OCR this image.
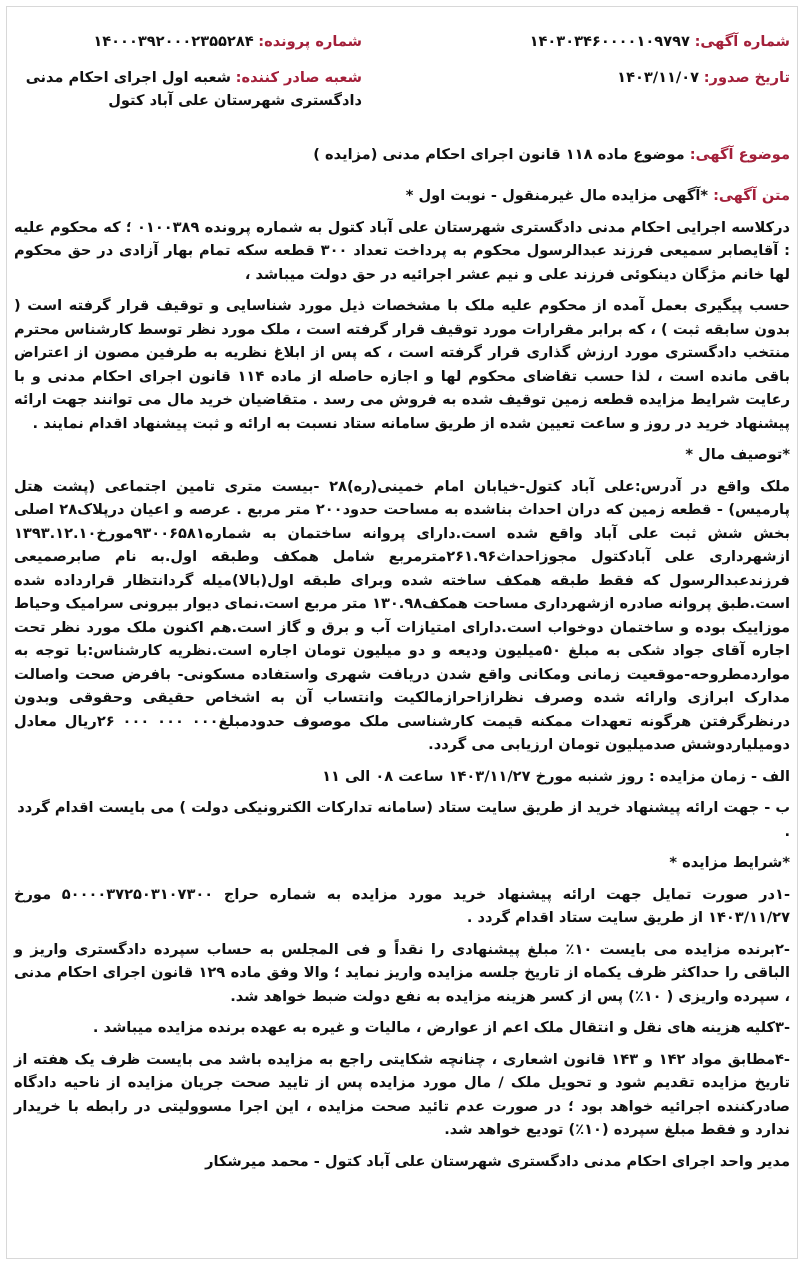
شماره آگهی: ۱۴۰۳۰۳۴۶۰۰۰۰۱۰۹۷۹۷
شماره پرونده: ۱۴۰۰۰۳۹۲۰۰۰۲۳۵۵۲۸۴
تاریخ صدور: ۱۴۰۳/۱۱/۰۷
شعبه صادر کننده: شعبه اول اجرای احکام مدنی دادگستری شهرستان علی آباد کتول
موضوع آگهی: موضوع ماده ۱۱۸ قانون اجرای احکام مدنی (مزایده )
متن آگهی: *آگهی مزایده مال غیرمنقول - نوبت اول *

درکلاسه اجرایی احکام مدنی دادگستری شهرستان علی آباد کتول به شماره پرونده ۰۱۰۰۳۸۹ ؛ که محکوم علیه : آقایصابر سمیعی فرزند عبدالرسول محکوم به پرداخت تعداد ۳۰۰ قطعه سکه تمام بهار آزادی در حق محکوم لها خانم مژگان دینکوئی فرزند علی و نیم عشر اجرائیه در حق دولت میباشد ،

حسب پیگیری بعمل آمده از محکوم علیه ملک با مشخصات ذیل مورد شناسایی و توقیف قرار گرفته است ( بدون سابقه ثبت ) ، که برابر مقرارات مورد توقیف قرار گرفته است ، ملک مورد نظر توسط کارشناس محترم منتخب دادگستری مورد ارزش گذاری قرار گرفته است ، که پس از ابلاغ نظریه به طرفین مصون از اعتراض باقی مانده است ، لذا حسب تقاضای محکوم لها و اجازه حاصله از ماده ۱۱۴ قانون اجرای احکام مدنی و با رعایت شرایط مزایده قطعه زمین توقیف شده به فروش می رسد . متقاضیان خرید مال می توانند جهت ارائه پیشنهاد خرید در روز و ساعت تعیین شده از طریق سامانه ستاد نسبت به ارائه و ثبت پیشنهاد اقدام نمایند .

*توصیف مال *

ملک واقع در آدرس:علی آباد کتول-خیابان امام خمینی(ره)۲۸ -بیست متری تامین اجتماعی (پشت هتل پارمیس) - قطعه زمین که دران احداث بناشده به مساحت حدود۲۰۰ متر مربع . عرصه و اعیان درپلاک۲۸ اصلی بخش شش ثبت علی آباد واقع شده است.دارای پروانه ساختمان به شماره۹۳۰۰۶۵۸۱مورخ۱۳۹۳.۱۲.۱۰ ازشهرداری علی آبادکتول مجوزاحداث۲۶۱.۹۶مترمربع شامل همکف وطبقه اول.به نام صابرصمیعی فرزندعبدالرسول که فقط طبقه همکف ساخته شده وبرای طبقه اول(بالا)میله گردانتظار قرارداده شده است.طبق پروانه صادره ازشهرداری مساحت همکف۱۳۰.۹۸ متر مربع است.نمای دیوار بیرونی سرامیک وحیاط موزاییک بوده و ساختمان دوخواب است.دارای امتیازات آب و برق و گاز است.هم اکنون ملک مورد نظر تحت اجاره آقای جواد شکی به مبلغ ۵۰میلیون ودیعه و دو میلیون تومان اجاره است.نظریه کارشناس:با توجه به مواردمطروحه-موقعیت زمانی ومکانی واقع شدن دریافت شهری واستفاده مسکونی- بافرض صحت واصالت مدارک ابرازی وارائه شده وصرف نظرازاحرازمالکیت وانتساب آن به اشخاص حقیقی وحقوقی وبدون درنظرگرفتن هرگونه تعهدات ممکنه قیمت کارشناسی ملک موصوف حدودمبلغ۰۰۰ ۰۰۰ ۰۰۰ ۲۶ریال معادل دومیلیاردوشش صدمیلیون تومان ارزیابی می گردد.

الف - زمان مزایده : روز شنبه مورخ ۱۴۰۳/۱۱/۲۷ ساعت ۰۸ الی ۱۱
ب - جهت ارائه پیشنهاد خرید از طریق سایت ستاد (سامانه تدارکات الکترونیکی دولت ) می بایست اقدام گردد .
*شرایط مزایده *

-۱در صورت تمایل جهت ارائه پیشنهاد خرید مورد مزایده به شماره حراج ۵۰۰۰۰۳۷۲۵۰۳۱۰۷۳۰۰ مورخ ۱۴۰۳/۱۱/۲۷ از طریق سایت ستاد اقدام گردد .

-۲برنده مزایده می بایست ۱۰٪ مبلغ پیشنهادی را نقداً و فی المجلس به حساب سپرده دادگستری واریز و الباقی را حداکثر ظرف یکماه از تاریخ جلسه مزایده واریز نماید ؛ والا وفق ماده ۱۲۹ قانون اجرای احکام مدنی ، سپرده واریزی ( ۱۰٪) پس از کسر هزینه مزایده به نفع دولت ضبط خواهد شد.

-۳کلیه هزینه های نقل و انتقال ملک اعم از عوارض ، مالیات و غیره به عهده برنده مزایده میباشد .

-۴مطابق مواد ۱۴۲ و ۱۴۳ قانون اشعاری ، چنانچه شکایتی راجع به مزایده باشد می بایست ظرف یک هفته از تاریخ مزایده تقدیم شود و تحویل ملک / مال مورد مزایده پس از تایید صحت جریان مزایده از ناحیه دادگاه صادرکننده اجرائیه خواهد بود ؛ در صورت عدم تائید صحت مزایده ، این اجرا مسوولیتی در رابطه با خریدار ندارد و فقط مبلغ سپرده (۱۰٪) تودیع خواهد شد.

مدیر واحد اجرای احکام مدنی دادگستری شهرستان علی آباد کتول - محمد میرشکار
